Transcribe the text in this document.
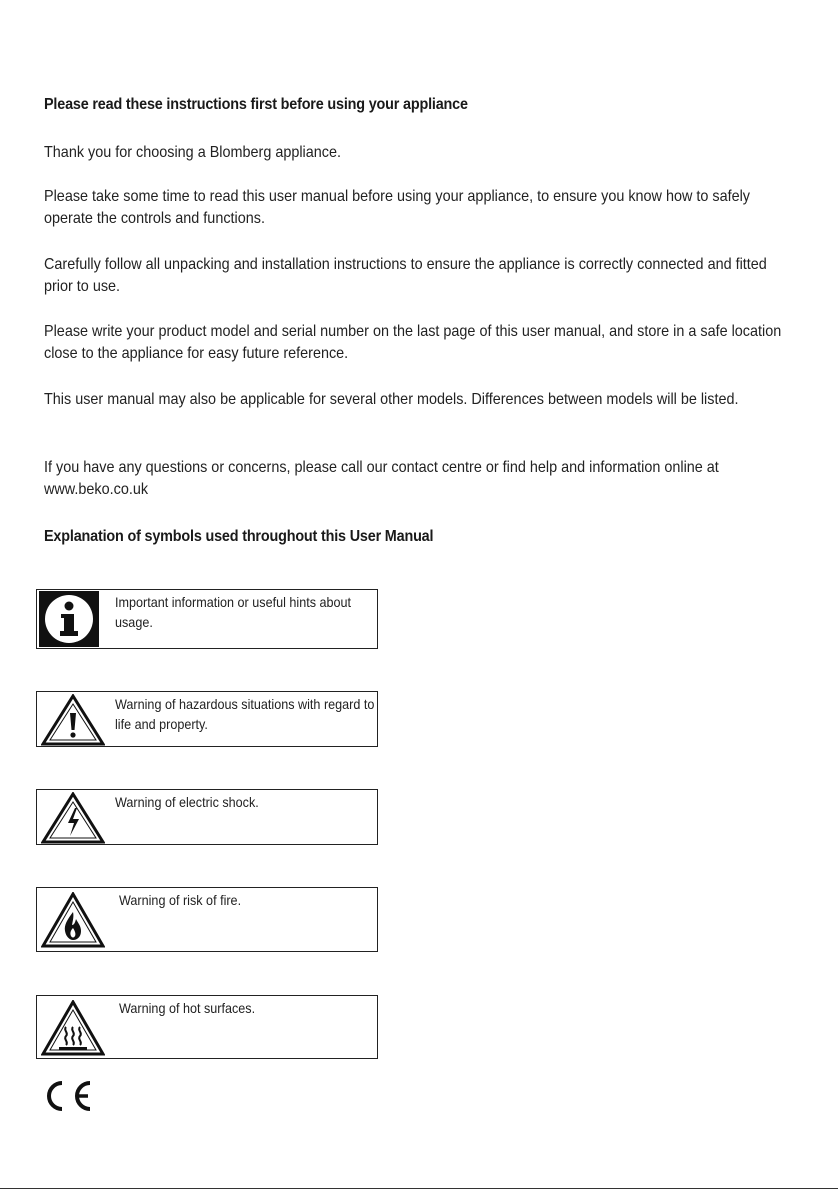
Please read these instructions first before using your appliance

Thank you for choosing a Blomberg appliance.

Please take some time to read this user manual before using your appliance, to ensure you know how to safely operate the controls and functions.

Carefully follow all unpacking and installation instructions to ensure the appliance is correctly connected and fitted prior to use.

Please write your product model and serial number on the last page of this user manual, and store in a safe location close to the appliance for easy future reference.

This user manual may also be applicable for several other models. Differences between models will be listed.

If you have any questions or concerns, please call our contact centre or find help and information online at www.beko.co.uk

Explanation of symbols used throughout this User Manual
Important information or useful hints about usage.
Warning of hazardous situations with regard to life and property.
Warning of electric shock.
Warning of risk of fire.
Warning of hot surfaces.
